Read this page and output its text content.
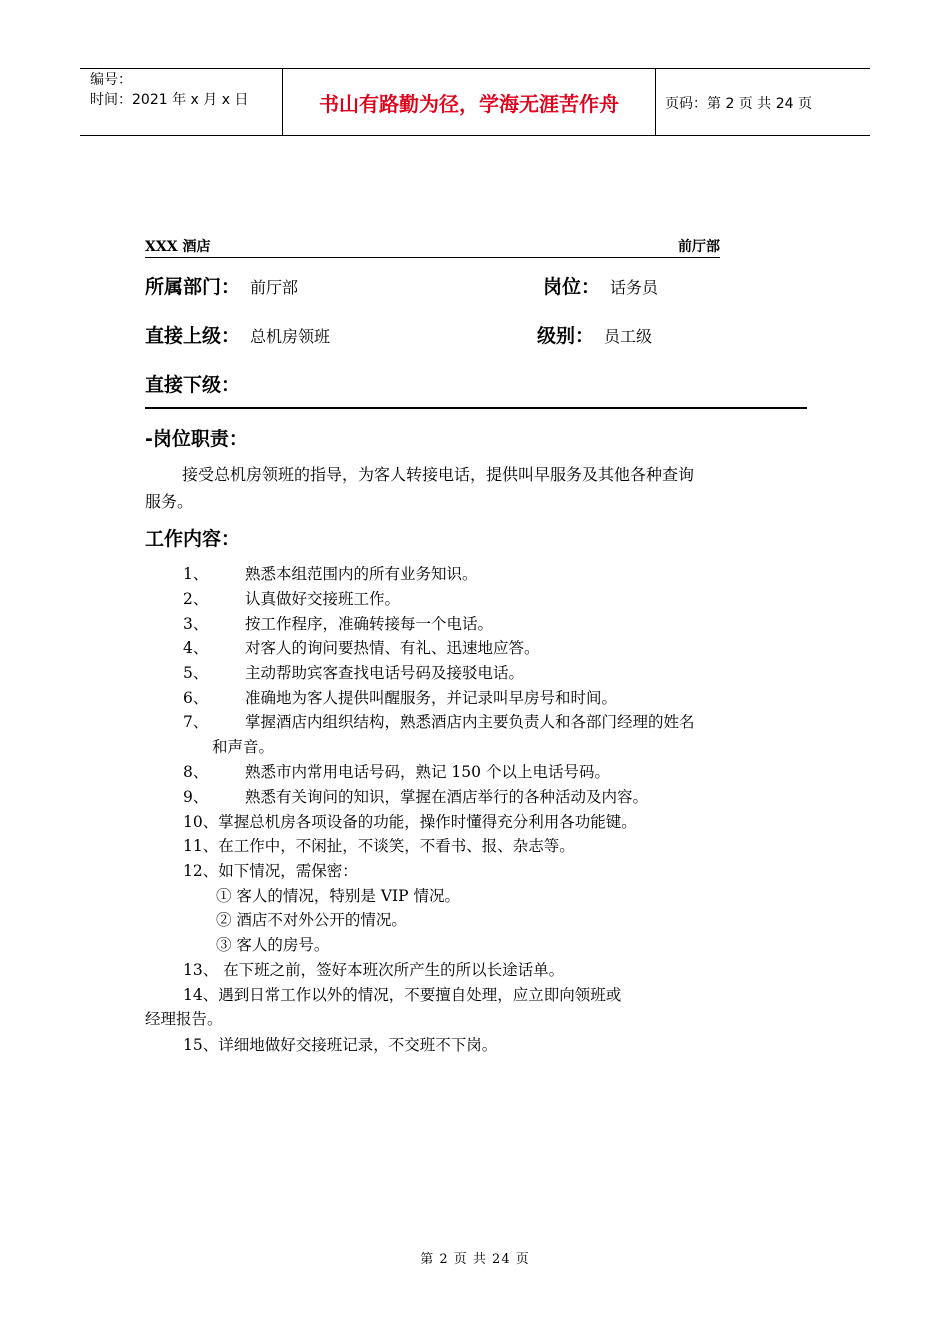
编号：
时间：2021 年 x 月 x 日	书山有路勤为径，学海无涯苦作舟	页码：第 2 页 共 24 页
XXX 酒店	前厅部
所属部门： 前厅部	岗位： 话务员
直接上级： 总机房领班	级别： 员工级
直接下级：
-岗位职责：
接受总机房领班的指导，为客人转接电话，提供叫早服务及其他各种查询
服务。
工作内容：
1、 熟悉本组范围内的所有业务知识。
2、 认真做好交接班工作。
3、 按工作程序，准确转接每一个电话。
4、 对客人的询问要热情、有礼、迅速地应答。
5、 主动帮助宾客查找电话号码及接驳电话。
6、 准确地为客人提供叫醒服务，并记录叫早房号和时间。
7、 掌握酒店内组织结构，熟悉酒店内主要负责人和各部门经理的姓名
和声音。
8、 熟悉市内常用电话号码，熟记 150 个以上电话号码。
9、 熟悉有关询问的知识，掌握在酒店举行的各种活动及内容。
10、掌握总机房各项设备的功能，操作时懂得充分利用各功能键。
11、在工作中，不闲扯，不谈笑，不看书、报、杂志等。
12、如下情况，需保密：
① 客人的情况，特别是 VIP 情况。
② 酒店不对外公开的情况。
③ 客人的房号。
13、 在下班之前，签好本班次所产生的所以长途话单。
14、遇到日常工作以外的情况，不要擅自处理，应立即向领班或
经理报告。
15、详细地做好交接班记录，不交班不下岗。
第 2 页 共 24 页
